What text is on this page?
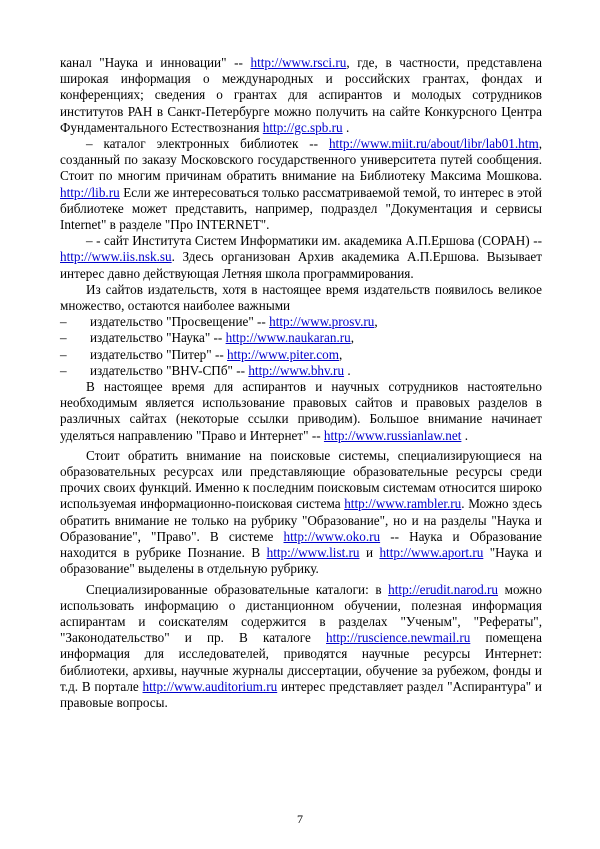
канал "Наука и инновации" -- http://www.rsci.ru, где, в частности, представлена широкая информация о международных и российских грантах, фондах и конференциях; сведения о грантах для аспирантов и молодых сотрудников институтов РАН в Санкт-Петербурге можно получить на сайте Конкурсного Центра Фундаментального Естествознания http://gc.spb.ru .

– каталог электронных библиотек -- http://www.miit.ru/about/libr/lab01.htm, созданный по заказу Московского государственного университета путей сообщения. Стоит по многим причинам обратить внимание на Библиотеку Максима Мошкова. http://lib.ru Если же интересоваться только рассматриваемой темой, то интерес в этой библиотеке может представить, например, подраздел "Документация и сервисы Internet" в разделе "Про INTERNET".

– - сайт Института Систем Информатики им. академика А.П.Ершова (СОРАН) -- http://www.iis.nsk.su. Здесь организован Архив академика А.П.Ершова. Вызывает интерес давно действующая Летняя школа программирования.

Из сайтов издательств, хотя в настоящее время издательств появилось великое множество, остаются наиболее важными

– издательство "Просвещение" -- http://www.prosv.ru,

– издательство "Наука" -- http://www.naukaran.ru,

– издательство "Питер" -- http://www.piter.com,

– издательство "BHV-СПб" -- http://www.bhv.ru .

В настоящее время для аспирантов и научных сотрудников настоятельно необходимым является использование правовых сайтов и правовых разделов в различных сайтах (некоторые ссылки приводим). Большое внимание начинает уделяться направлению "Право и Интернет" -- http://www.russianlaw.net .

Стоит обратить внимание на поисковые системы, специализирующиеся на образовательных ресурсах или представляющие образовательные ресурсы среди прочих своих функций. Именно к последним поисковым системам относится широко используемая информационно-поисковая система http://www.rambler.ru. Можно здесь обратить внимание не только на рубрику "Образование", но и на разделы "Наука и Образование", "Право". В системе http://www.oko.ru -- Наука и Образование находится в рубрике Познание. В http://www.list.ru и http://www.aport.ru "Наука и образование" выделены в отдельную рубрику.

Специализированные образовательные каталоги: в http://erudit.narod.ru можно использовать информацию о дистанционном обучении, полезная информация аспирантам и соискателям содержится в разделах "Ученым", "Рефераты", "Законодательство" и пр. В каталоге http://ruscience.newmail.ru помещена информация для исследователей, приводятся научные ресурсы Интернет: библиотеки, архивы, научные журналы диссертации, обучение за рубежом, фонды и т.д. В портале http://www.auditorium.ru интерес представляет раздел "Аспирантура" и правовые вопросы.

7
